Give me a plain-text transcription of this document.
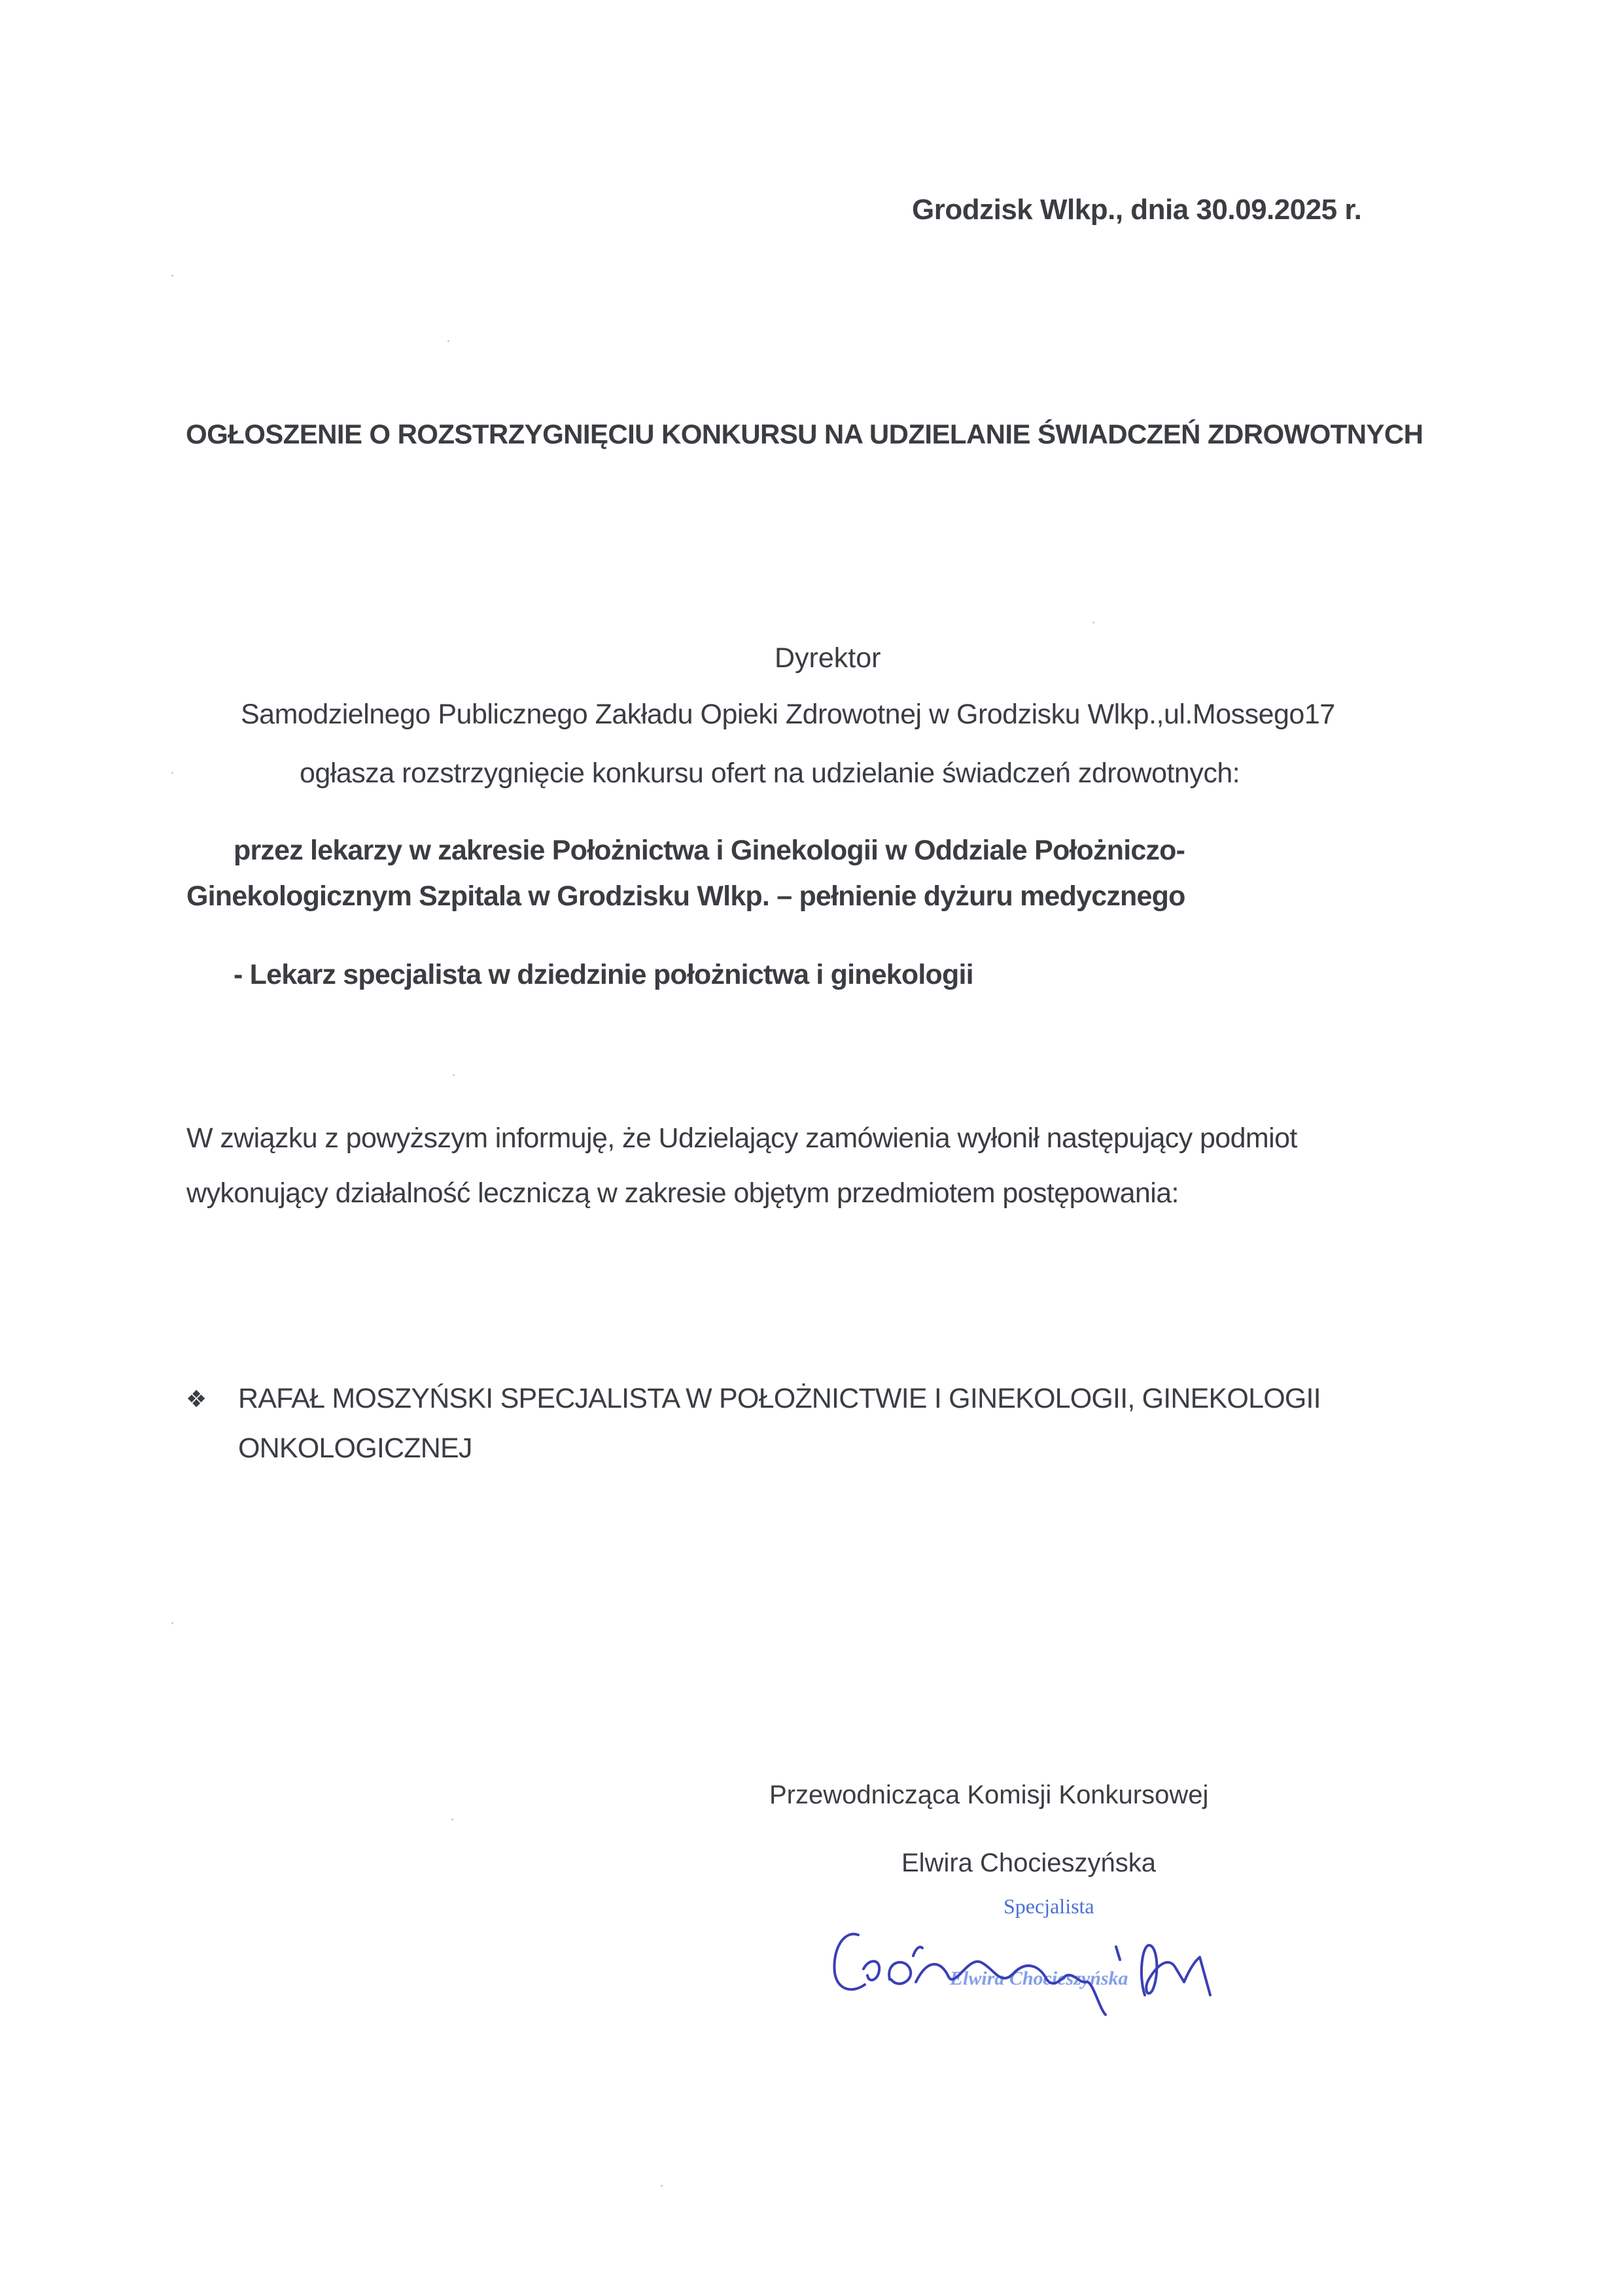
Grodzisk Wlkp., dnia 30.09.2025 r.
OGŁOSZENIE O ROZSTRZYGNIĘCIU KONKURSU NA UDZIELANIE ŚWIADCZEŃ ZDROWOTNYCH
Dyrektor
Samodzielnego Publicznego Zakładu Opieki Zdrowotnej w Grodzisku Wlkp.,ul.Mossego17
ogłasza rozstrzygnięcie konkursu ofert na udzielanie świadczeń zdrowotnych:
przez lekarzy w zakresie Położnictwa i Ginekologii w Oddziale Położniczo-
Ginekologicznym Szpitala w Grodzisku Wlkp. – pełnienie dyżuru medycznego
- Lekarz specjalista w dziedzinie położnictwa i ginekologii
W związku z powyższym informuję, że Udzielający zamówienia wyłonił następujący podmiot
wykonujący działalność leczniczą w zakresie objętym przedmiotem postępowania:
❖ RAFAŁ MOSZYŃSKI SPECJALISTA W POŁOŻNICTWIE I GINEKOLOGII, GINEKOLOGII
ONKOLOGICZNEJ
Przewodnicząca Komisji Konkursowej
Elwira Chocieszyńska
Specjalista
Elwira Chocieszyńska
